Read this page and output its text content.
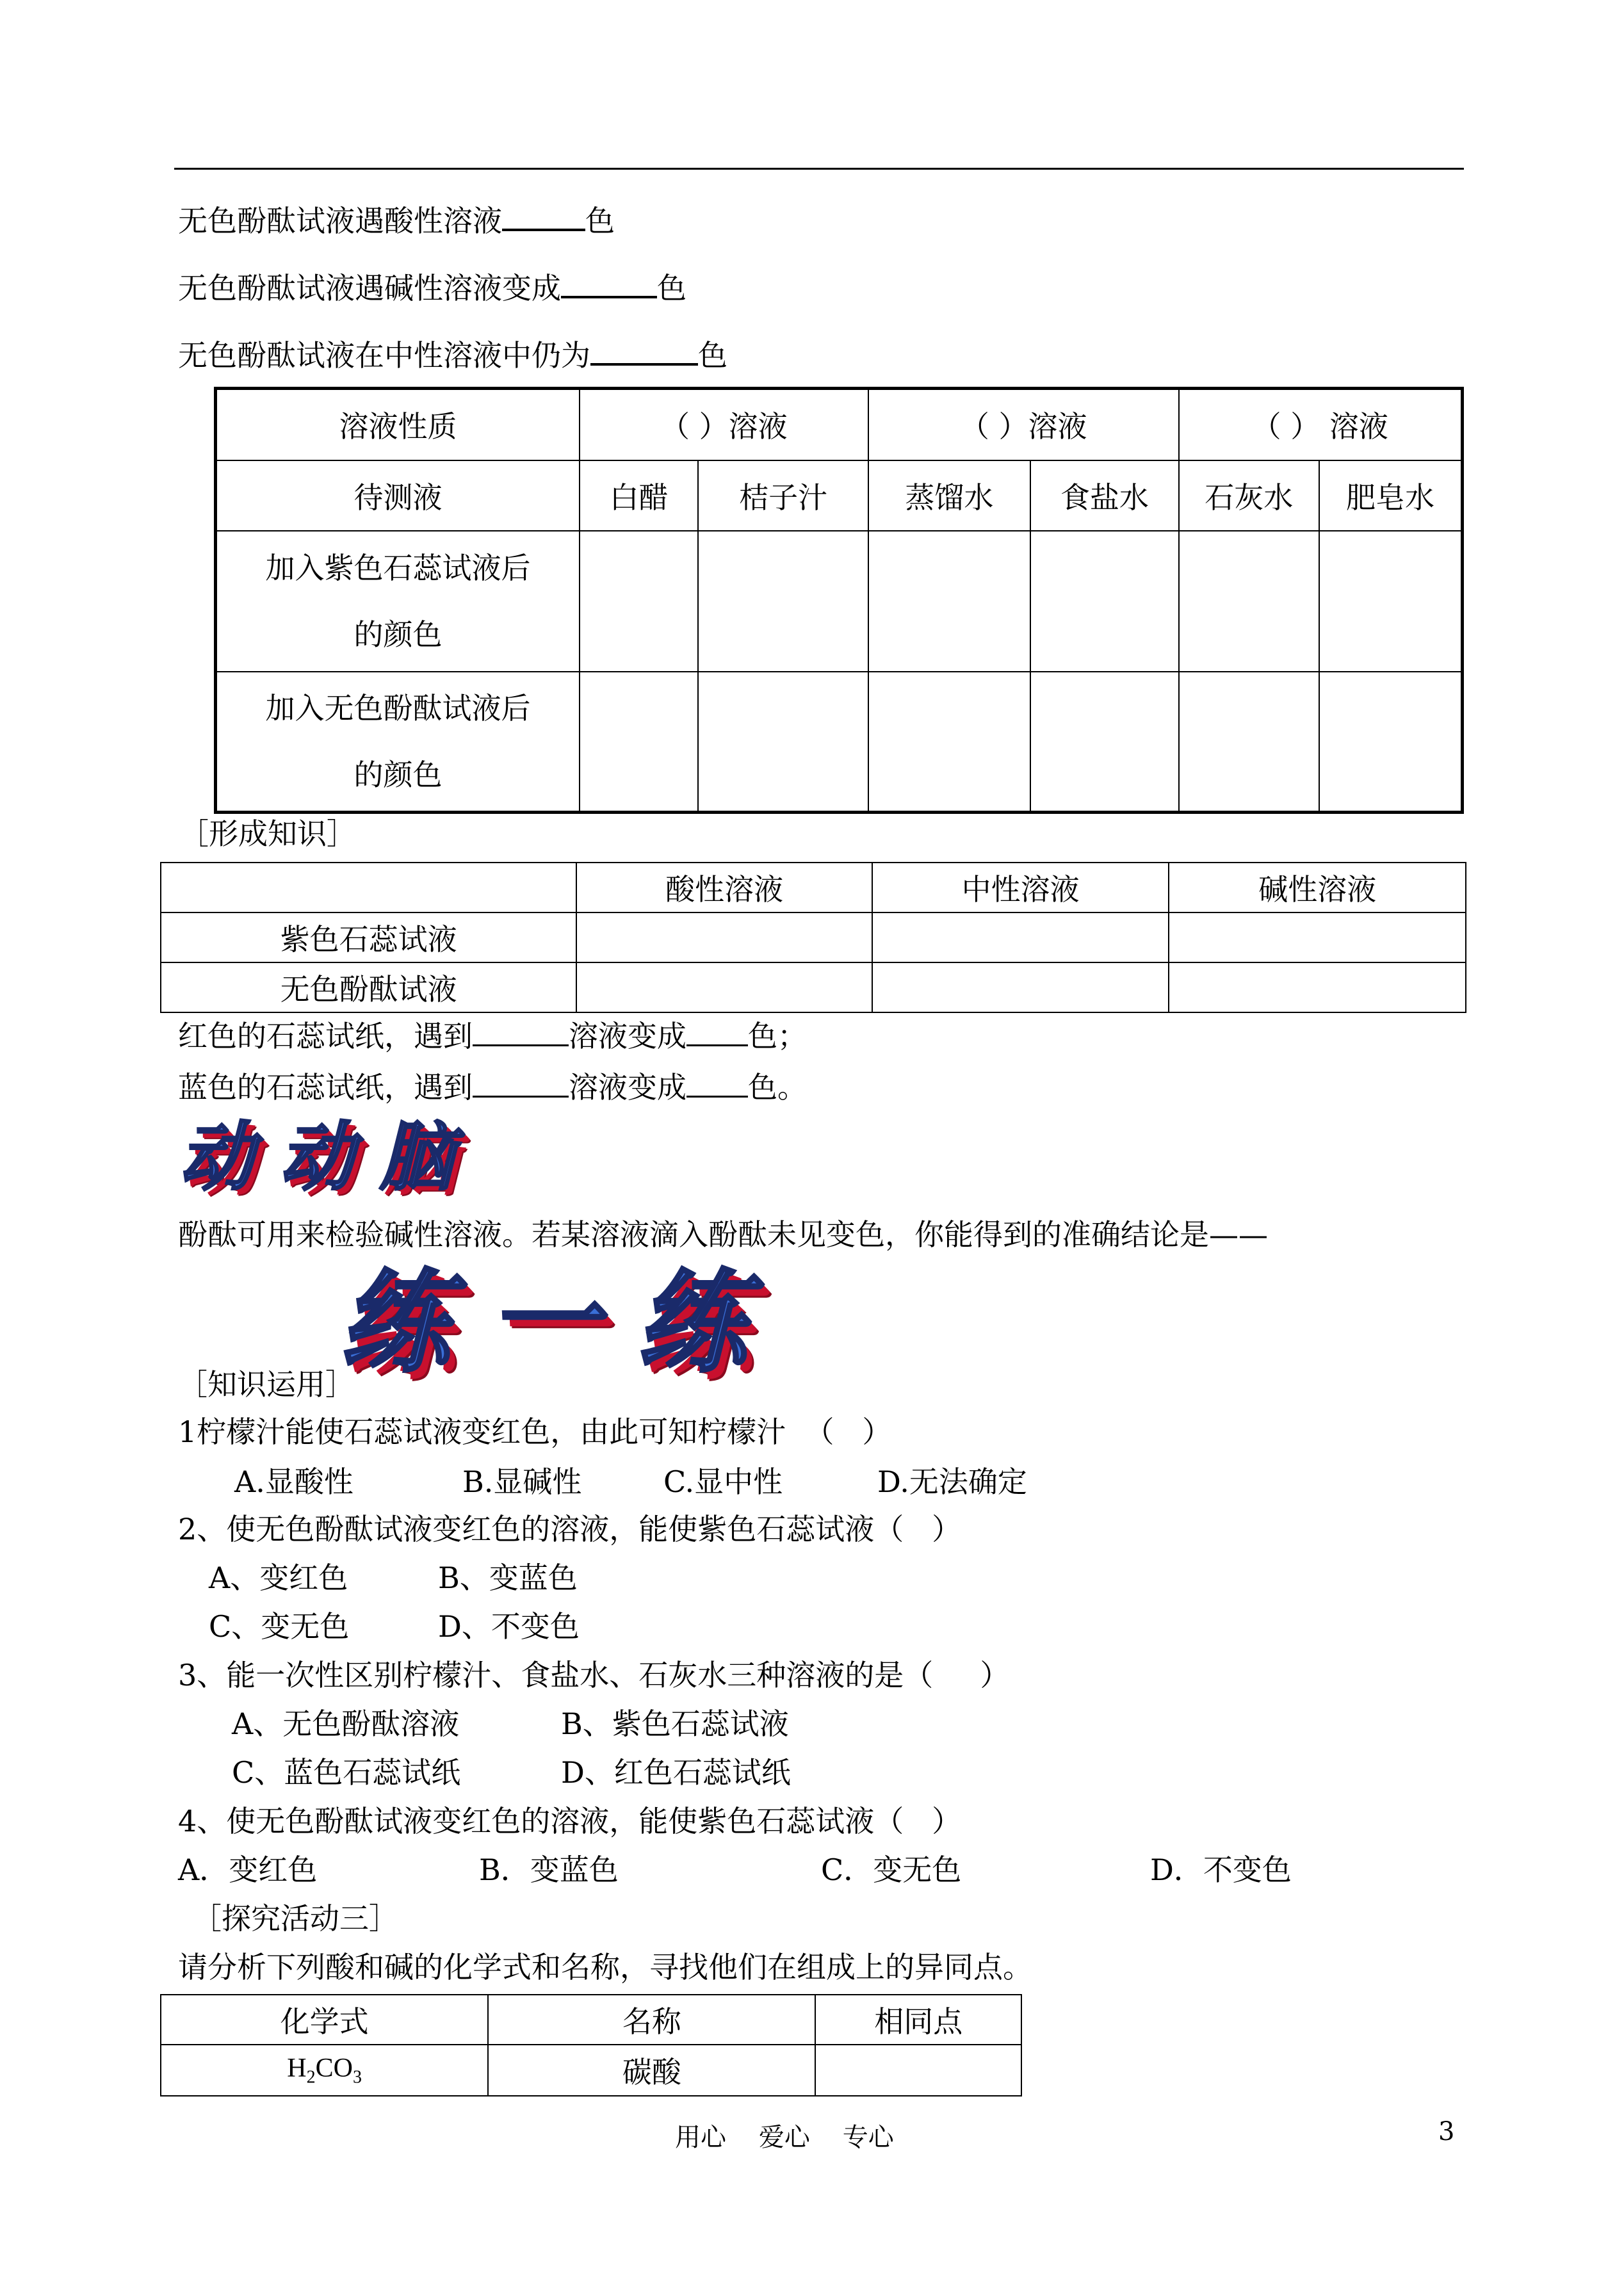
无色酚酞试液遇酸性溶液	色
无色酚酞试液遇碱性溶液变成	色
无色酚酞试液在中性溶液中仍为	色
溶液性质	（ ）溶液		（ ）溶液		（ ） 溶液	
待测液	白醋	桔子汁	蒸馏水	食盐水	石灰水	肥皂水
加入紫色石蕊试液后
的颜色						
加入无色酚酞试液后
的颜色						
［形成知识］
	酸性溶液	中性溶液	碱性溶液
紫色石蕊试液			
无色酚酞试液			
红色的石蕊试纸，遇到	溶液变成 色；
蓝色的石蕊试纸，遇到	溶液变成 色。
动 动 脑
酚酞可用来检验碱性溶液。若某溶液滴入酚酞未见变色，你能得到的准确结论是——
练 一 练
［知识运用］
1柠檬汁能使石蕊试液变红色，由此可知柠檬汁  （   ）
A.显酸性	B.显碱性	C.显中性	D.无法确定
2、使无色酚酞试液变红色的溶液，能使紫色石蕊试液（   ）
A、变红色	B、变蓝色
C、变无色	D、不变色
3、能一次性区别柠檬汁、食盐水、石灰水三种溶液的是（     ）
A、无色酚酞溶液	B、紫色石蕊试液
C、蓝色石蕊试纸	D、红色石蕊试纸
4、使无色酚酞试液变红色的溶液，能使紫色石蕊试液（   ）
A．变红色	B．变蓝色	C．变无色	D．不变色
［探究活动三］
请分析下列酸和碱的化学式和名称，寻找他们在组成上的异同点。
化学式	名称	相同点
$H_2CO_3$	碳酸	
用心    爱心    专心	3
